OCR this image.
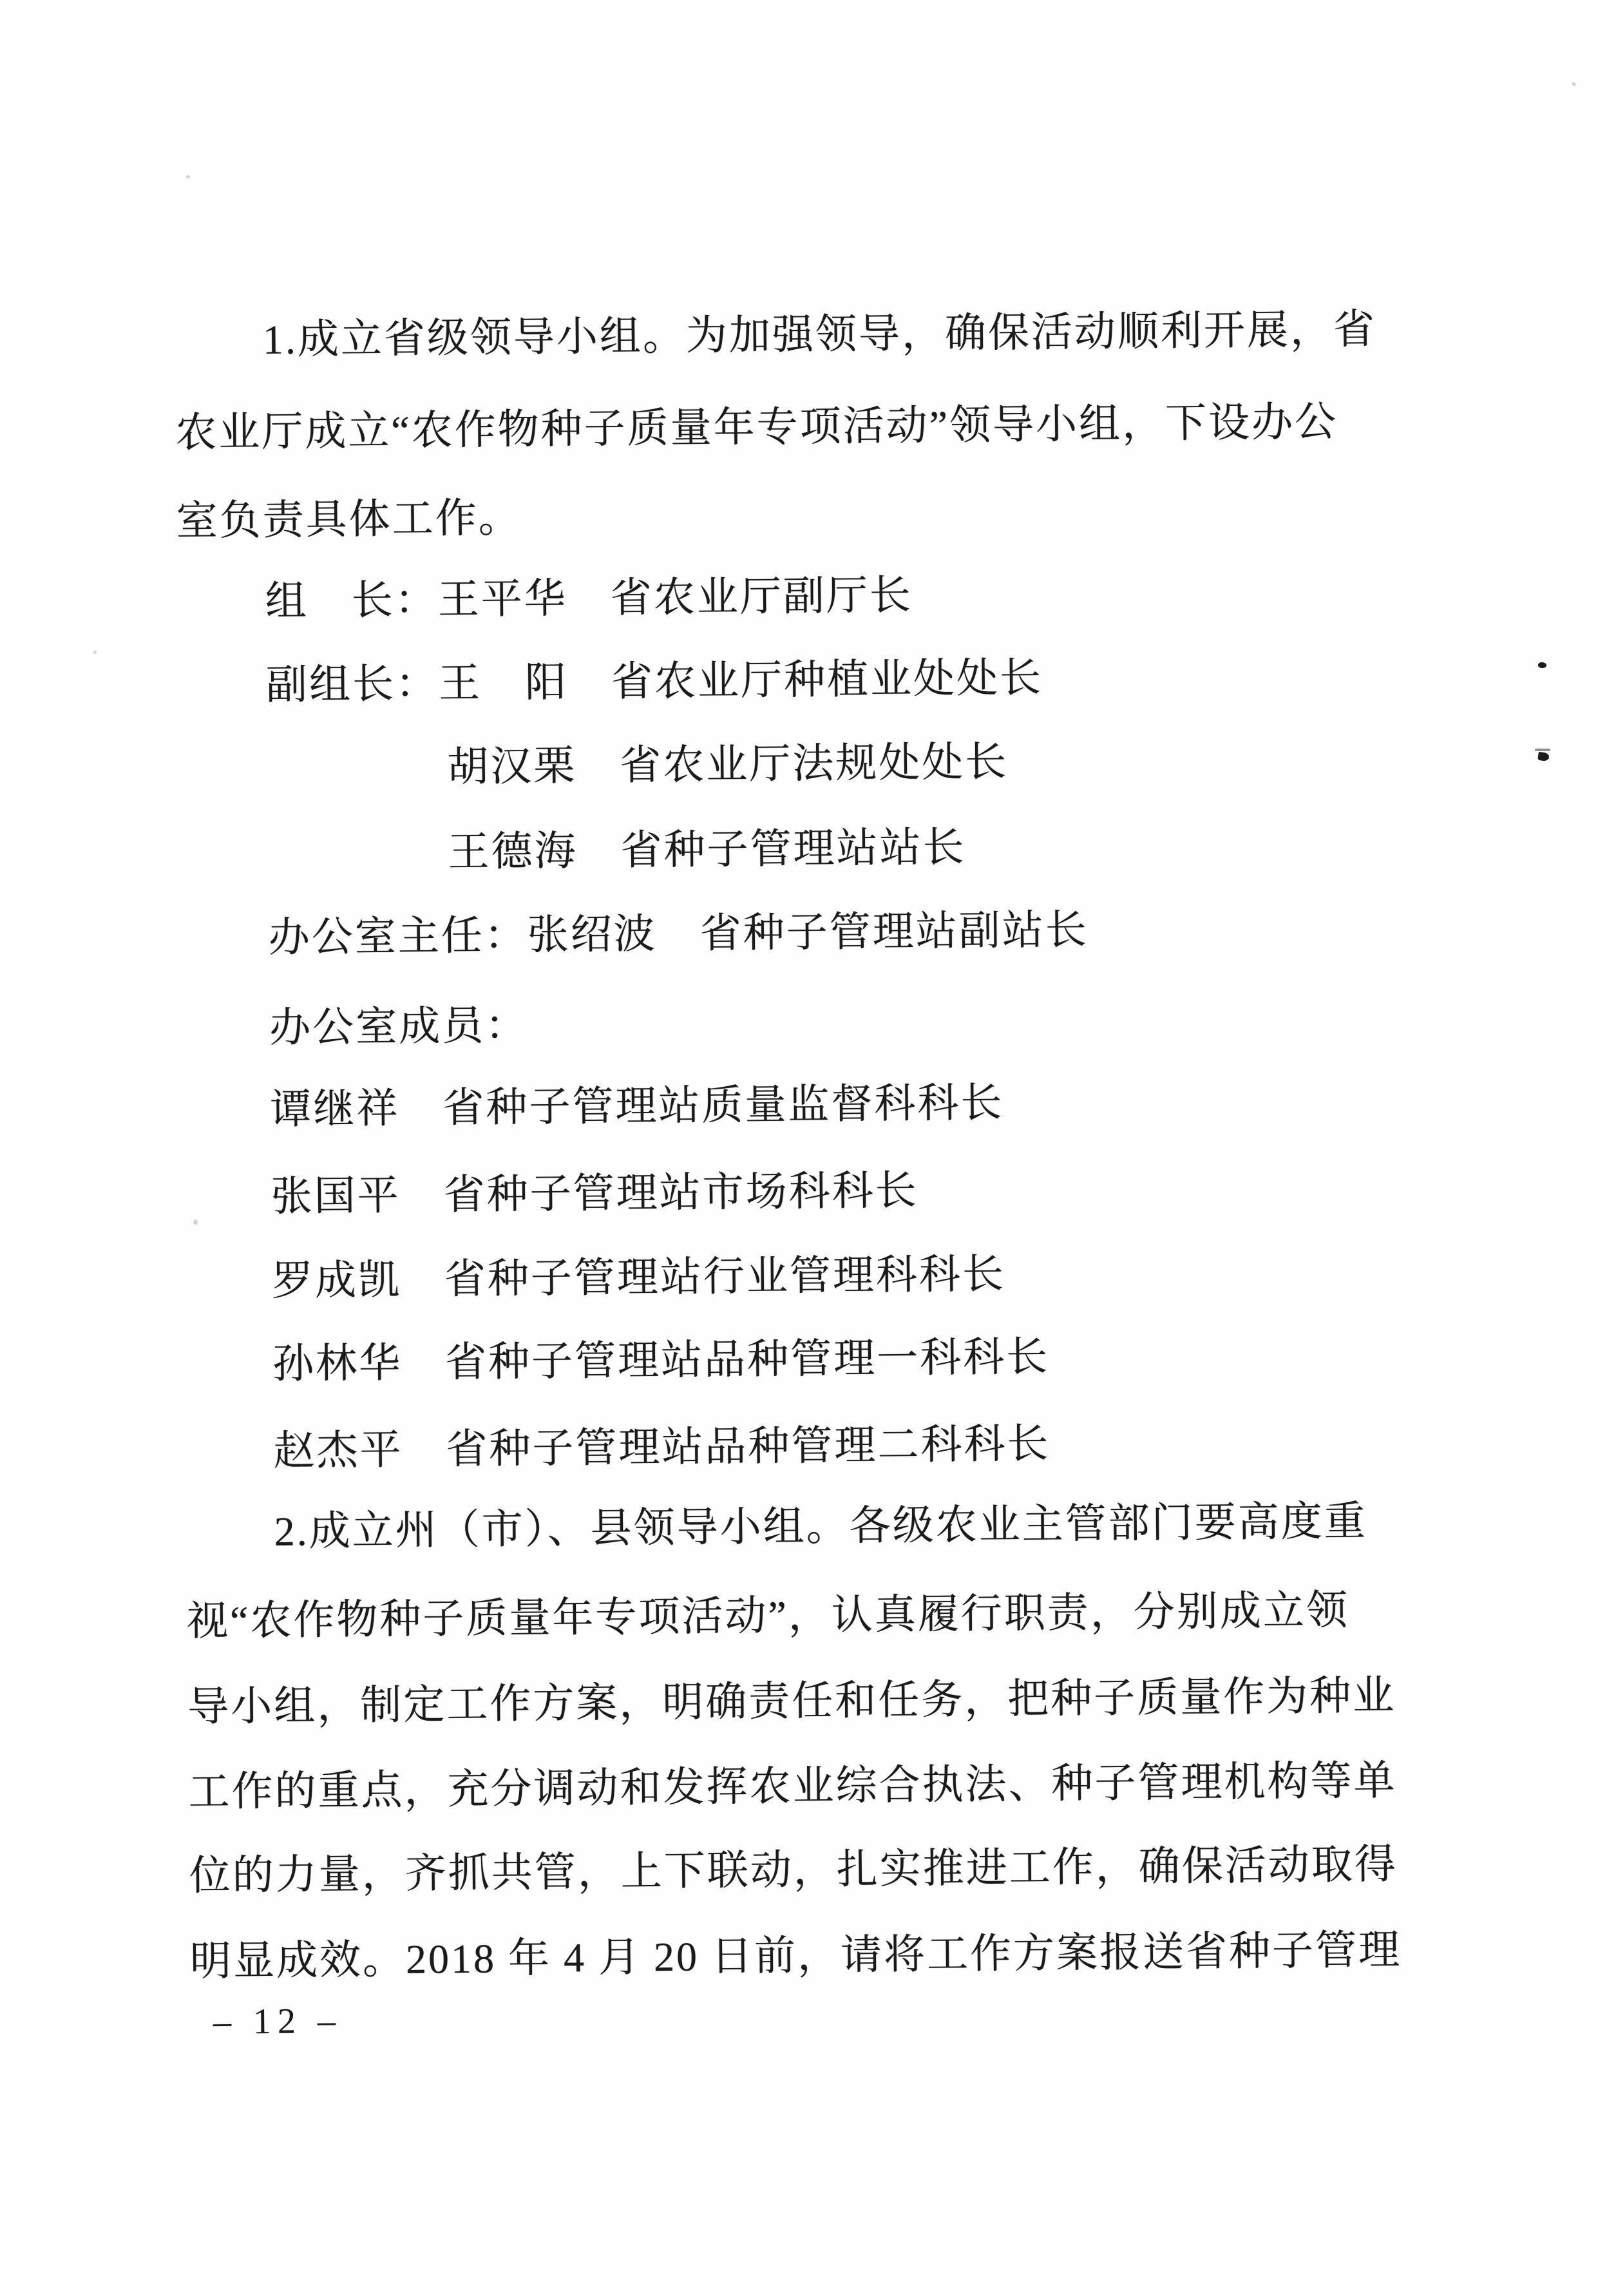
1.成立省级领导小组。为加强领导，确保活动顺利开展，省
农业厅成立“农作物种子质量年专项活动”领导小组，下设办公
室负责具体工作。
组　长：王平华　省农业厅副厅长
副组长：王　阳　省农业厅种植业处处长
胡汉栗　省农业厅法规处处长
王德海　省种子管理站站长
办公室主任：张绍波　省种子管理站副站长
办公室成员：
谭继祥　省种子管理站质量监督科科长
张国平　省种子管理站市场科科长
罗成凯　省种子管理站行业管理科科长
孙林华　省种子管理站品种管理一科科长
赵杰平　省种子管理站品种管理二科科长
2.成立州（市）、县领导小组。各级农业主管部门要高度重
视“农作物种子质量年专项活动”，认真履行职责，分别成立领
导小组，制定工作方案，明确责任和任务，把种子质量作为种业
工作的重点，充分调动和发挥农业综合执法、种子管理机构等单
位的力量，齐抓共管，上下联动，扎实推进工作，确保活动取得
明显成效。2018 年 4 月 20 日前，请将工作方案报送省种子管理
– 12 –
